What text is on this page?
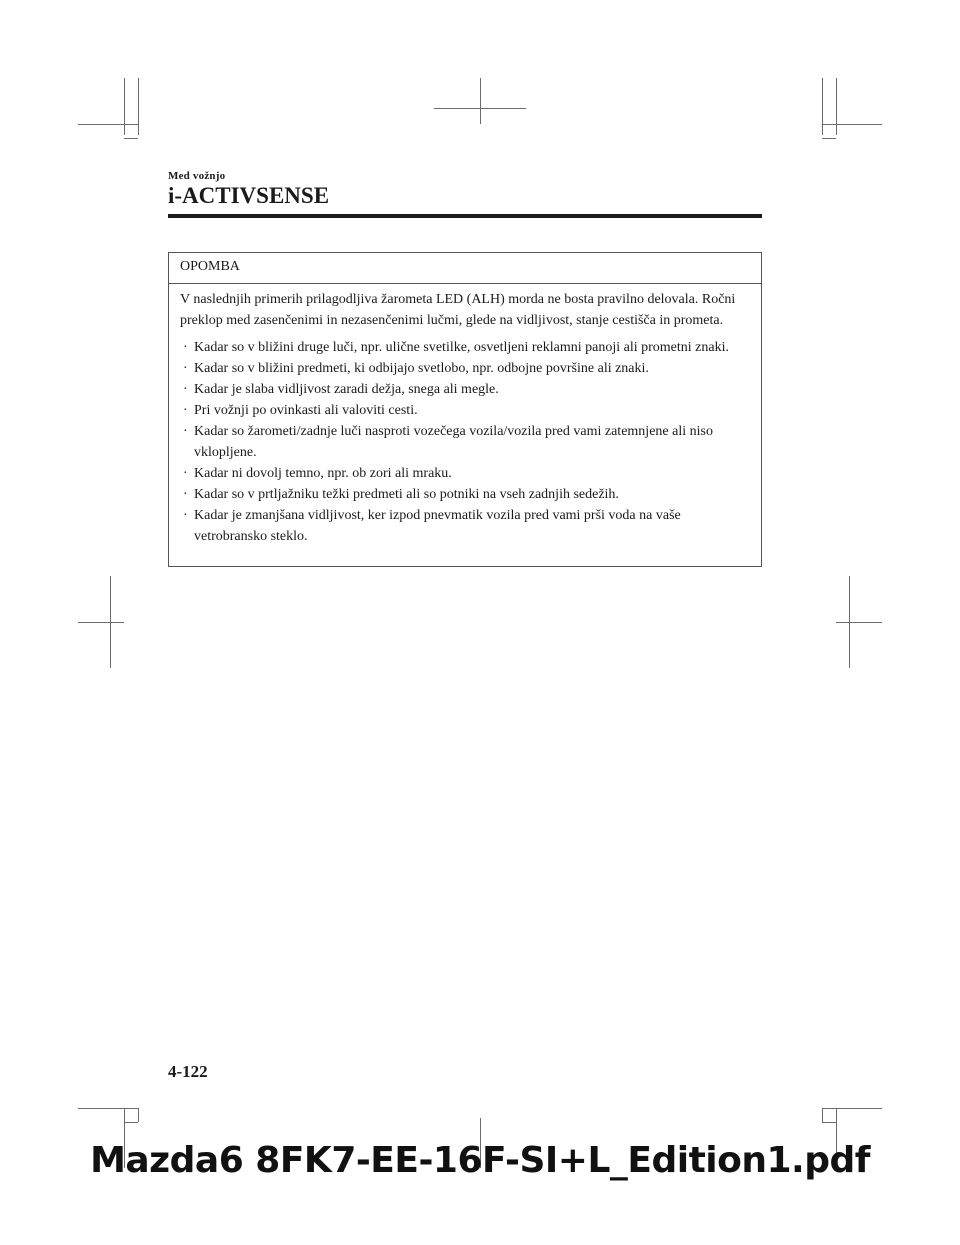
Med vožnjo
i-ACTIVSENSE
OPOMBA

V naslednjih primerih prilagodljiva žarometa LED (ALH) morda ne bosta pravilno delovala. Ročni preklop med zasenčenimi in nezasenčenimi lučmi, glede na vidljivost, stanje cestišča in prometa.

· Kadar so v bližini druge luči, npr. ulične svetilke, osvetljeni reklamni panoji ali prometni znaki.
· Kadar so v bližini predmeti, ki odbijajo svetlobo, npr. odbojne površine ali znaki.
· Kadar je slaba vidljivost zaradi dežja, snega ali megle.
· Pri vožnji po ovinkasti ali valoviti cesti.
· Kadar so žarometi/zadnje luči nasproti vozečega vozila/vozila pred vami zatemnjene ali niso vklopljene.
· Kadar ni dovolj temno, npr. ob zori ali mraku.
· Kadar so v prtljažniku težki predmeti ali so potniki na vseh zadnjih sedežih.
· Kadar je zmanjšana vidljivost, ker izpod pnevmatik vozila pred vami prši voda na vaše vetrobransko steklo.
4-122
Mazda6 8FK7-EE-16F-SI+L_Edition1.pdf
